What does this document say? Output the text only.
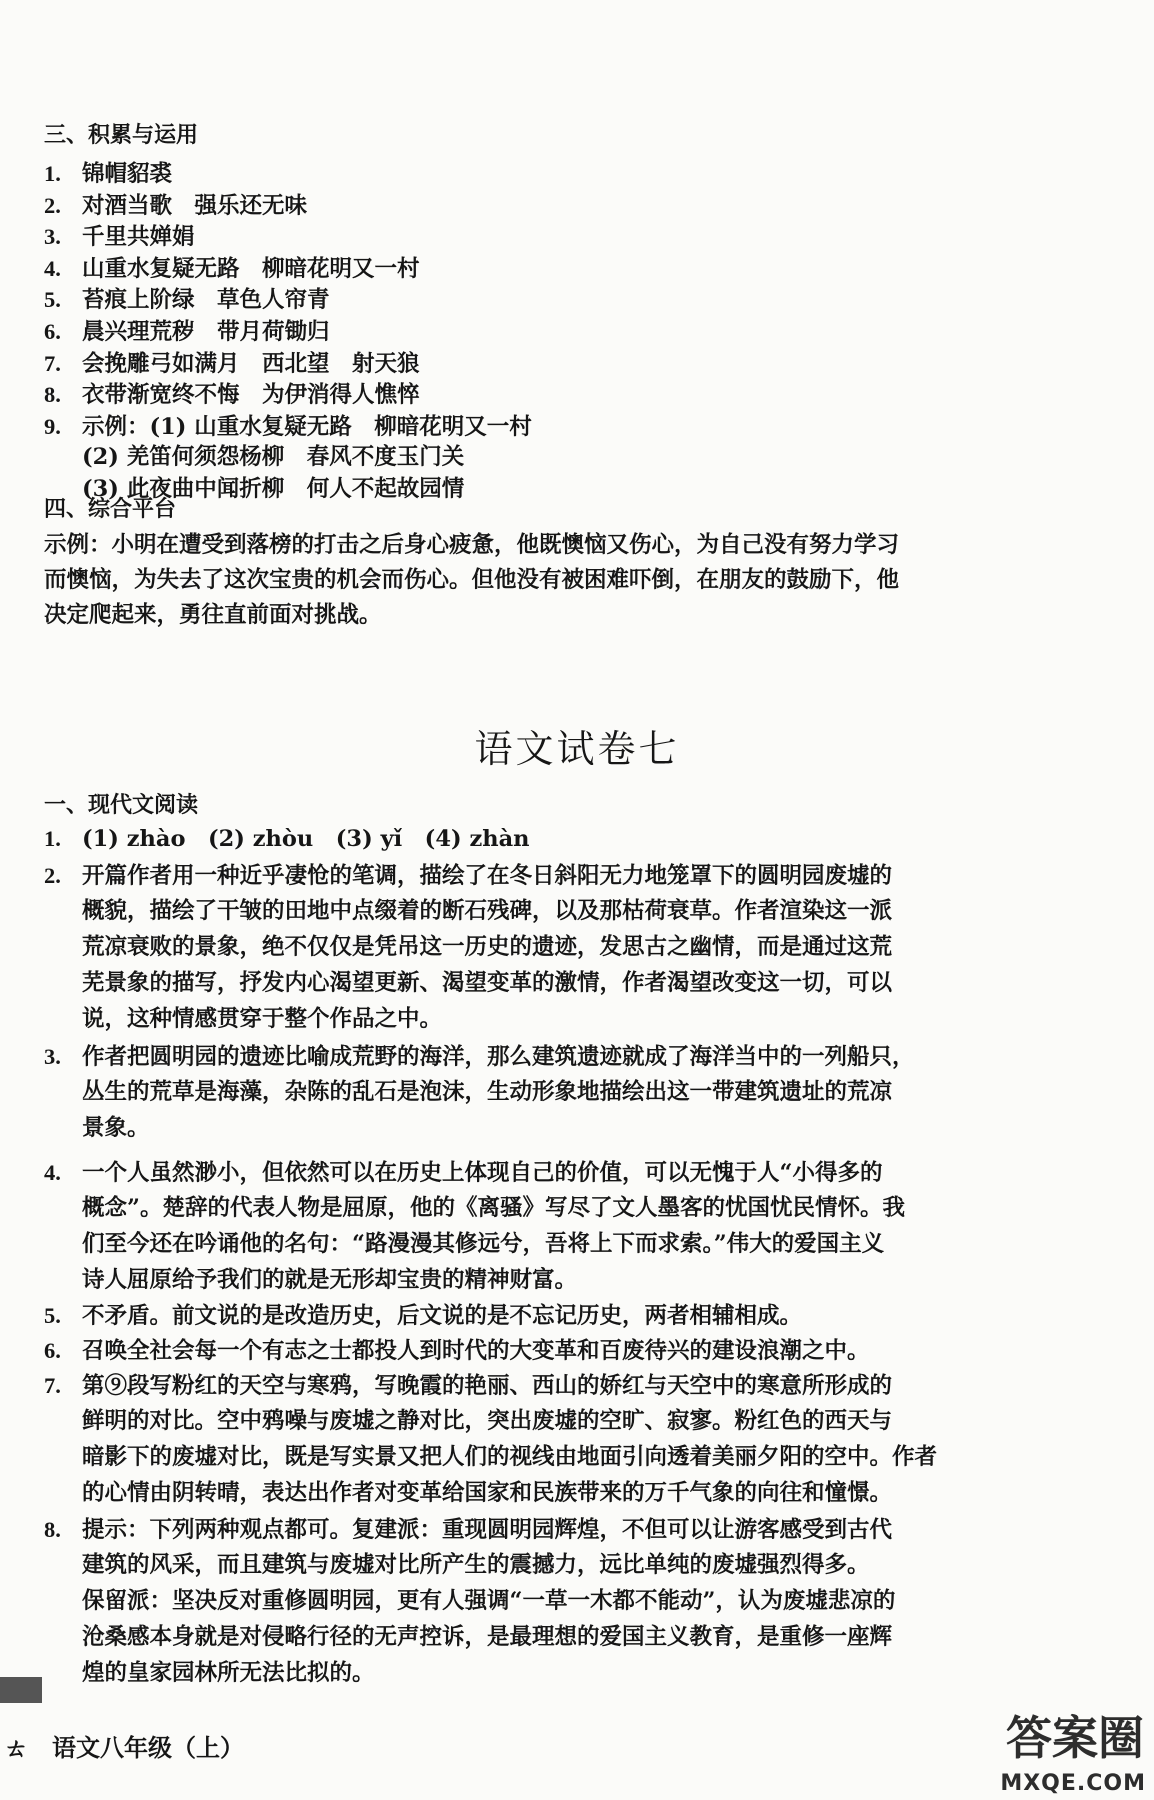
三、积累与运用
1. 锦帽貂裘
2. 对酒当歌　强乐还无味
3. 千里共婵娟
4. 山重水复疑无路　柳暗花明又一村
5. 苔痕上阶绿　草色人帘青
6. 晨兴理荒秽　带月荷锄归
7. 会挽雕弓如满月　西北望　射天狼
8. 衣带渐宽终不悔　为伊消得人憔悴
9. 示例：(1) 山重水复疑无路　柳暗花明又一村
(2) 羌笛何须怨杨柳　春风不度玉门关
(3) 此夜曲中闻折柳　何人不起故园情
四、综合平台
示例：小明在遭受到落榜的打击之后身心疲惫，他既懊恼又伤心，为自己没有努力学习
而懊恼，为失去了这次宝贵的机会而伤心。但他没有被困难吓倒，在朋友的鼓励下，他
决定爬起来，勇往直前面对挑战。
语文试卷七
一、现代文阅读
1. (1) zhào　(2) zhòu　(3) yǐ　(4) zhàn
2. 开篇作者用一种近乎凄怆的笔调，描绘了在冬日斜阳无力地笼罩下的圆明园废墟的
概貌，描绘了干皱的田地中点缀着的断石残碑，以及那枯荷衰草。作者渲染这一派
荒凉衰败的景象，绝不仅仅是凭吊这一历史的遗迹，发思古之幽情，而是通过这荒
芜景象的描写，抒发内心渴望更新、渴望变革的激情，作者渴望改变这一切，可以
说，这种情感贯穿于整个作品之中。
3. 作者把圆明园的遗迹比喻成荒野的海洋，那么建筑遗迹就成了海洋当中的一列船只，
丛生的荒草是海藻，杂陈的乱石是泡沫，生动形象地描绘出这一带建筑遗址的荒凉
景象。
4. 一个人虽然渺小，但依然可以在历史上体现自己的价值，可以无愧于人“小得多的
概念”。楚辞的代表人物是屈原，他的《离骚》写尽了文人墨客的忧国忧民情怀。我
们至今还在吟诵他的名句：“路漫漫其修远兮，吾将上下而求索。”伟大的爱国主义
诗人屈原给予我们的就是无形却宝贵的精神财富。
5. 不矛盾。前文说的是改造历史，后文说的是不忘记历史，两者相辅相成。
6. 召唤全社会每一个有志之士都投人到时代的大变革和百废待兴的建设浪潮之中。
7. 第⑨段写粉红的天空与寒鸦，写晚霞的艳丽、西山的娇红与天空中的寒意所形成的
鲜明的对比。空中鸦噪与废墟之静对比，突出废墟的空旷、寂寥。粉红色的西天与
暗影下的废墟对比，既是写实景又把人们的视线由地面引向透着美丽夕阳的空中。作者
的心情由阴转晴，表达出作者对变革给国家和民族带来的万千气象的向往和憧憬。
8. 提示：下列两种观点都可。复建派：重现圆明园辉煌，不但可以让游客感受到古代
建筑的风采，而且建筑与废墟对比所产生的震撼力，远比单纯的废墟强烈得多。
保留派：坚决反对重修圆明园，更有人强调“一草一木都不能动”，认为废墟悲凉的
沧桑感本身就是对侵略行径的无声控诉，是最理想的爱国主义教育，是重修一座辉
煌的皇家园林所无法比拟的。
ㄊ　语文八年级（上）	答案圈
MXQE.COM
